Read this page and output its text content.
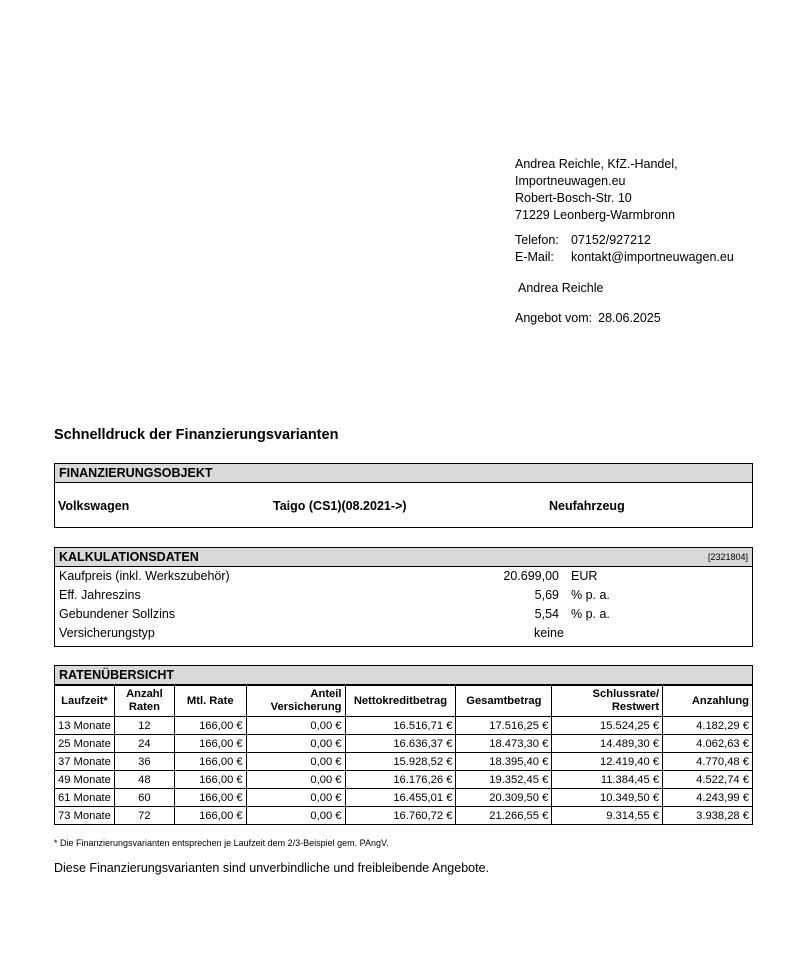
Andrea Reichle, KfZ.-Handel,
Importneuwagen.eu
Robert-Bosch-Str. 10
71229 Leonberg-Warmbronn
Telefon: 07152/927212
E-Mail:	kontakt@importneuwagen.eu
Andrea Reichle
Angebot vom: 28.06.2025
Schnelldruck der Finanzierungsvarianten
FINANZIERUNGSOBJEKT
Volkswagen	Taigo (CS1)(08.2021->)	Neufahrzeug
KALKULATIONSDATEN	[2321804]
Kaufpreis (inkl. Werkszubehör)	20.699,00 EUR
Eff. Jahreszins	5,69 % p. a.
Gebundener Sollzins	5,54 % p. a.
Versicherungstyp	keine
RATENÜBERSICHT
Laufzeit*	Anzahl Raten	Mtl. Rate	Anteil Versicherung	Nettokreditbetrag	Gesamtbetrag	Schlussrate/ Restwert	Anzahlung
13 Monate	12	166,00 €	0,00 €	16.516,71 €	17.516,25 €	15.524,25 €	4.182,29 €
25 Monate	24	166,00 €	0,00 €	16.636,37 €	18.473,30 €	14.489,30 €	4.062,63 €
37 Monate	36	166,00 €	0,00 €	15.928,52 €	18.395,40 €	12.419,40 €	4.770,48 €
49 Monate	48	166,00 €	0,00 €	16.176,26 €	19.352,45 €	11.384,45 €	4.522,74 €
61 Monate	60	166,00 €	0,00 €	16.455,01 €	20.309,50 €	10.349,50 €	4.243,99 €
73 Monate	72	166,00 €	0,00 €	16.760,72 €	21.266,55 €	9.314,55 €	3.938,28 €
* Die Finanzierungsvarianten entsprechen je Laufzeit dem 2/3-Beispiel gem. PAngV.
Diese Finanzierungsvarianten sind unverbindliche und freibleibende Angebote.
